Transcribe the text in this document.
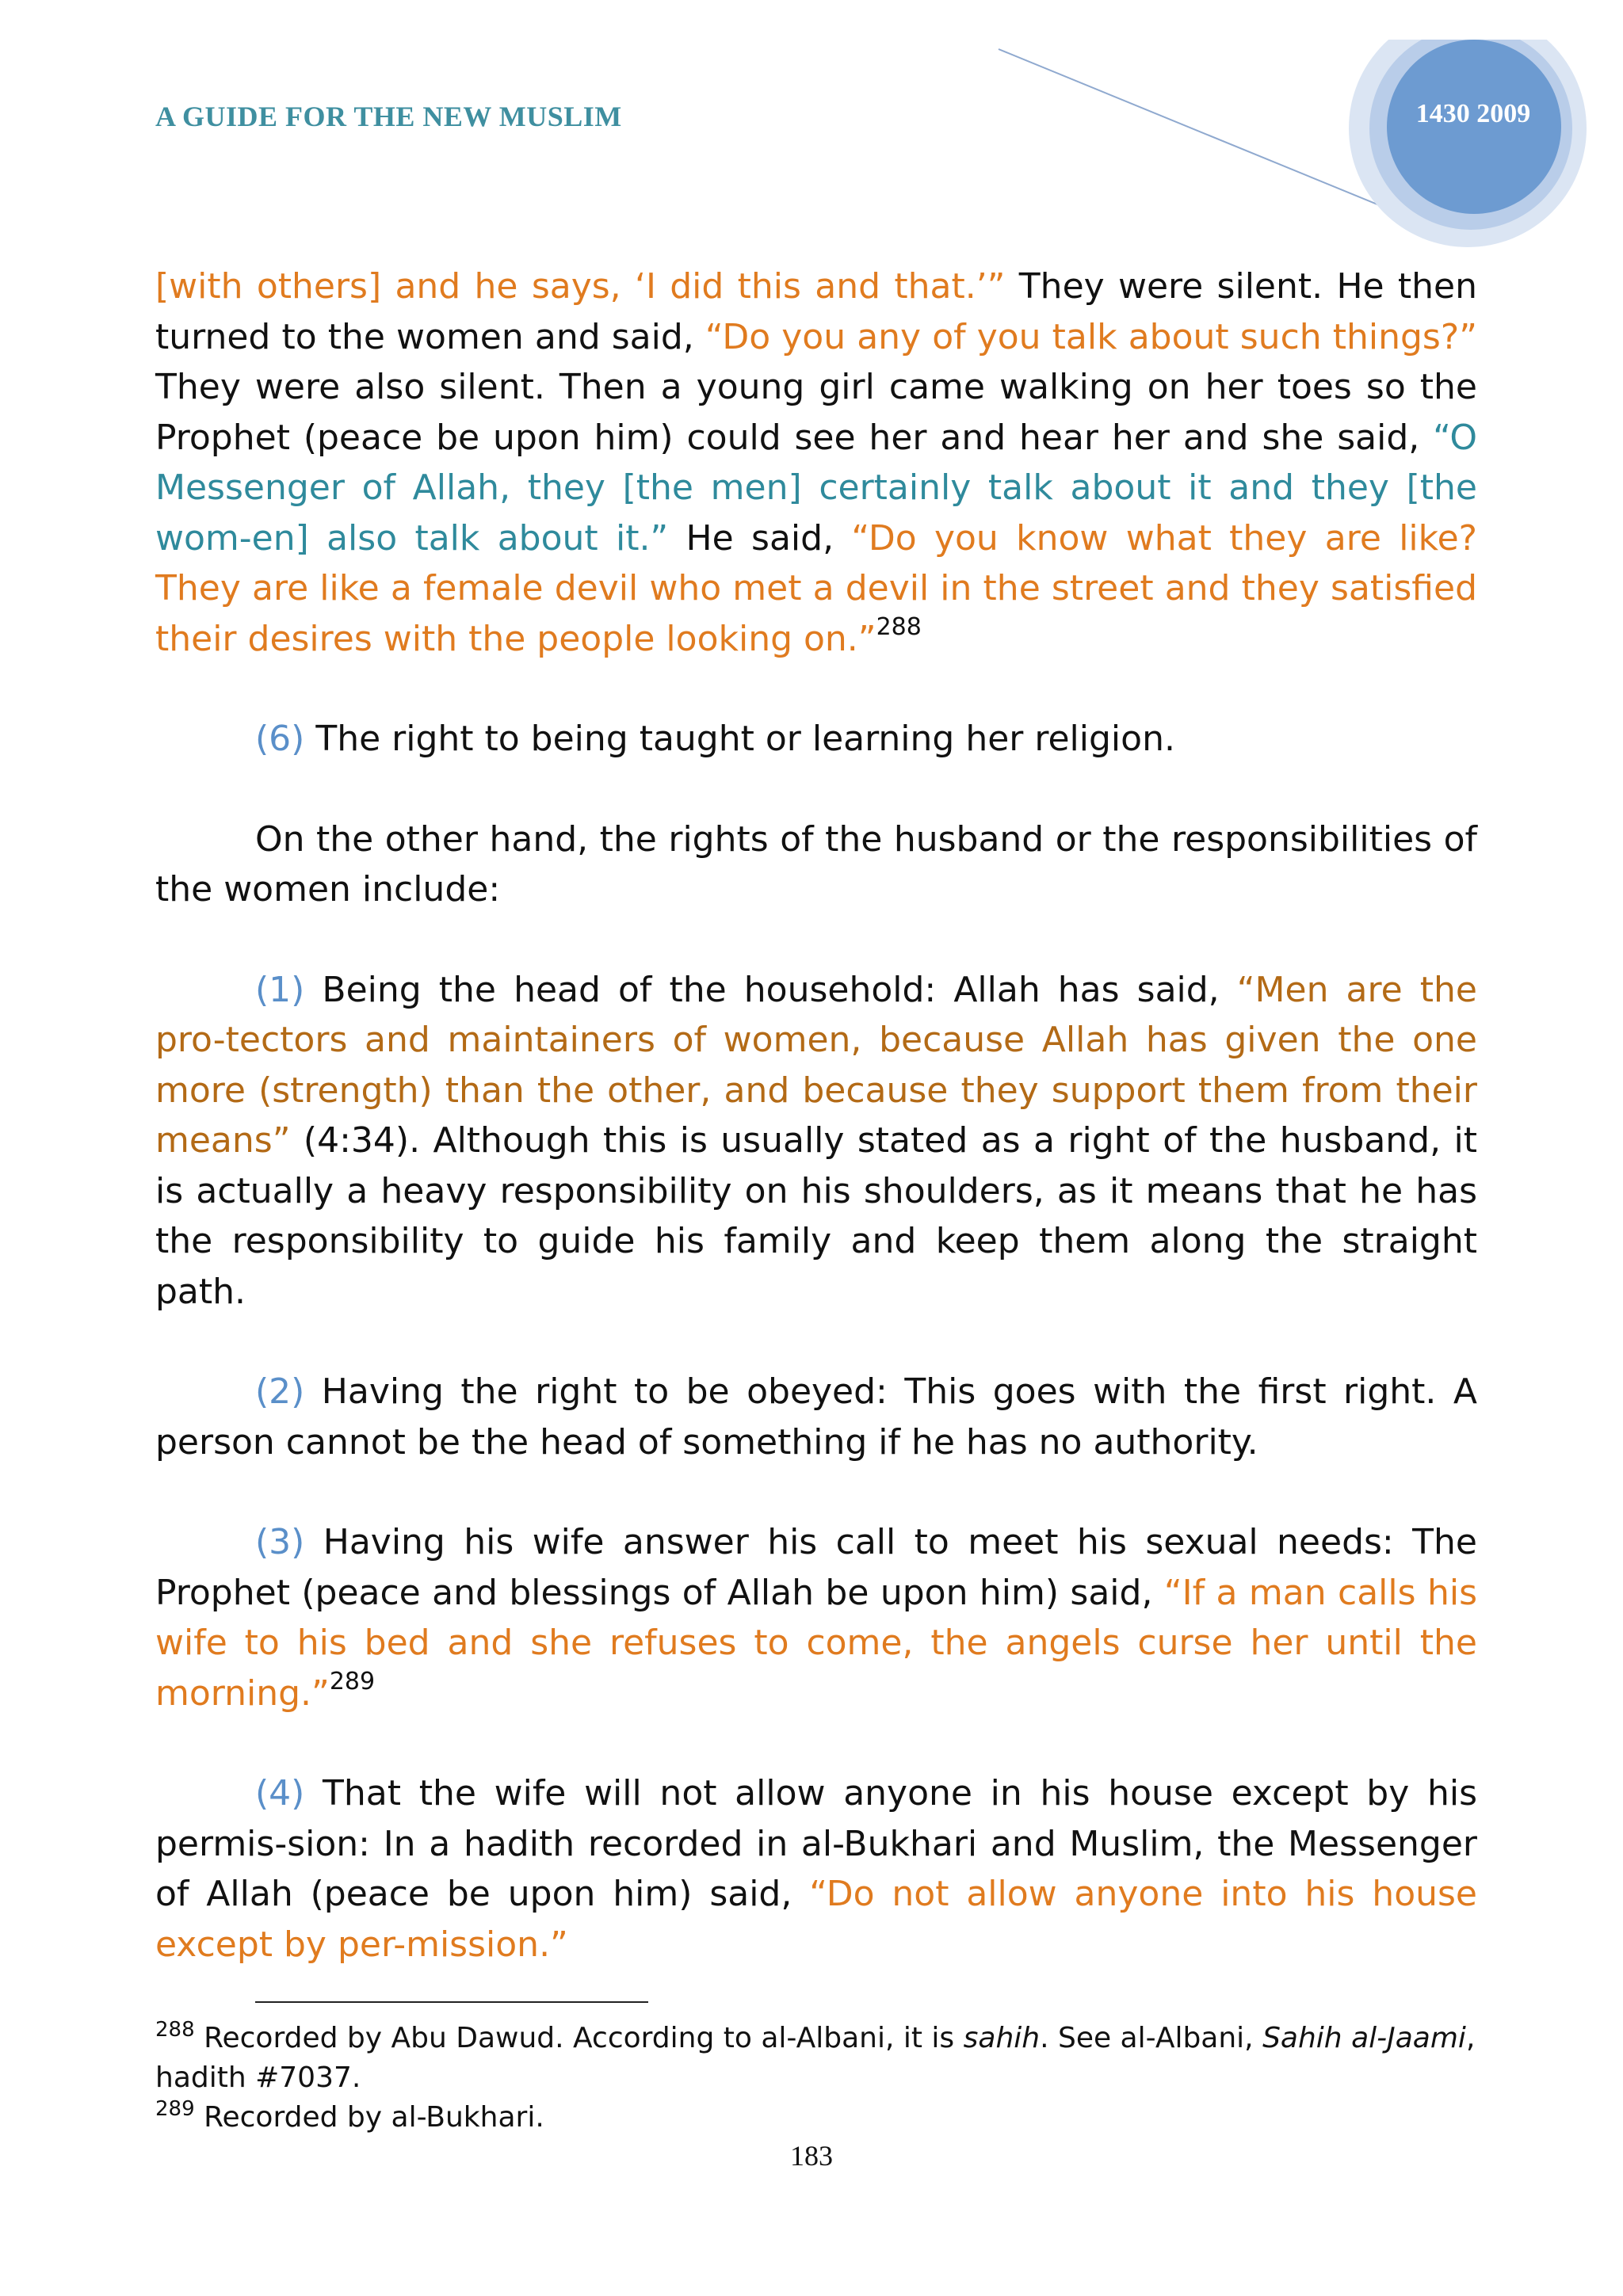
A GUIDE FOR THE NEW MUSLIM	1430 2009

[with others] and he says, ‘I did this and that.’” They were silent. He then turned to the women and said, “Do you any of you talk about such things?” They were also silent. Then a young girl came walking on her toes so the Prophet (peace be upon him) could see her and hear her and she said, “O Messenger of Allah, they [the men] certainly talk about it and they [the wom-en] also talk about it.” He said, “Do you know what they are like? They are like a female devil who met a devil in the street and they satisfied their desires with the people looking on.”$^{288}$

(6) The right to being taught or learning her religion.

On the other hand, the rights of the husband or the responsibilities of the women include:

(1) Being the head of the household: Allah has said, “Men are the pro-tectors and maintainers of women, because Allah has given the one more (strength) than the other, and because they support them from their means” (4:34). Although this is usually stated as a right of the husband, it is actually a heavy responsibility on his shoulders, as it means that he has the responsibility to guide his family and keep them along the straight path.

(2) Having the right to be obeyed: This goes with the first right. A person cannot be the head of something if he has no authority.

(3) Having his wife answer his call to meet his sexual needs: The Prophet (peace and blessings of Allah be upon him) said, “If a man calls his wife to his bed and she refuses to come, the angels curse her until the morning.”$^{289}$

(4) That the wife will not allow anyone in his house except by his permis-sion: In a hadith recorded in al-Bukhari and Muslim, the Messenger of Allah (peace be upon him) said, “Do not allow anyone into his house except by per-mission.”

$^{288}$ Recorded by Abu Dawud. According to al-Albani, it is sahih. See al-Albani, Sahih al-Jaami, hadith #7037.

$^{289}$ Recorded by al-Bukhari.

183
